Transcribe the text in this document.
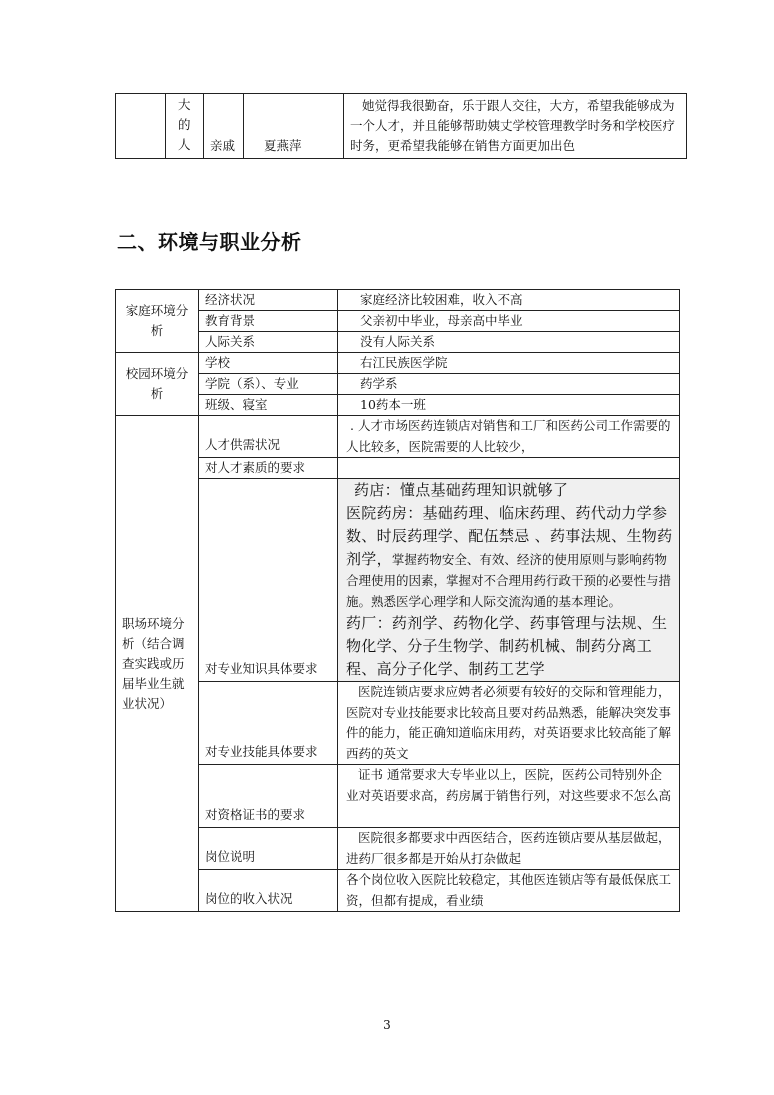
大
的
人	亲戚	夏燕萍	她觉得我很勤奋，乐于跟人交往，大方，希望我能够成为一个人才，并且能够帮助姨丈学校管理教学时务和学校医疗时务，更希望我能够在销售方面更加出色
二、环境与职业分析
家庭环境分析	经济状况	家庭经济比较困难，收入不高
	教育背景	父亲初中毕业，母亲高中毕业
	人际关系	没有人际关系
校园环境分析	学校	右江民族医学院
	学院（系）、专业	药学系
	班级、寝室	10药本一班
职场环境分析（结合调查实践或历届毕业生就业状况）	人才供需状况	. 人才市场医药连锁店对销售和工厂和医药公司工作需要的人比较多，医院需要的人比较少，
	对人才素质的要求	
	对专业知识具体要求	药店：懂点基础药理知识就够了
医院药房：基础药理、临床药理、药代动力学参数、时辰药理学、配伍禁忌 、药事法规、生物药剂学，掌握药物安全、有效、经济的使用原则与影响药物合理使用的因素，掌握对不合理用药行政干预的必要性与措施。熟悉医学心理学和人际交流沟通的基本理论。
药厂：药剂学、药物化学、药事管理与法规、生物化学、分子生物学、制药机械、制药分离工程、高分子化学、制药工艺学

	对专业技能具体要求	医院连锁店要求应娉者必须要有较好的交际和管理能力，医院对专业技能要求比较高且要对药品熟悉，能解决突发事件的能力，能正确知道临床用药，对英语要求比较高能了解西药的英文
	对资格证书的要求	证书 通常要求大专毕业以上，医院，医药公司特别外企业对英语要求高，药房属于销售行列，对这些要求不怎么高
	岗位说明	医院很多都要求中西医结合，医药连锁店要从基层做起，进药厂很多都是开始从打杂做起
	岗位的收入状况	各个岗位收入医院比较稳定，其他医连锁店等有最低保底工资，但都有提成，看业绩
3
